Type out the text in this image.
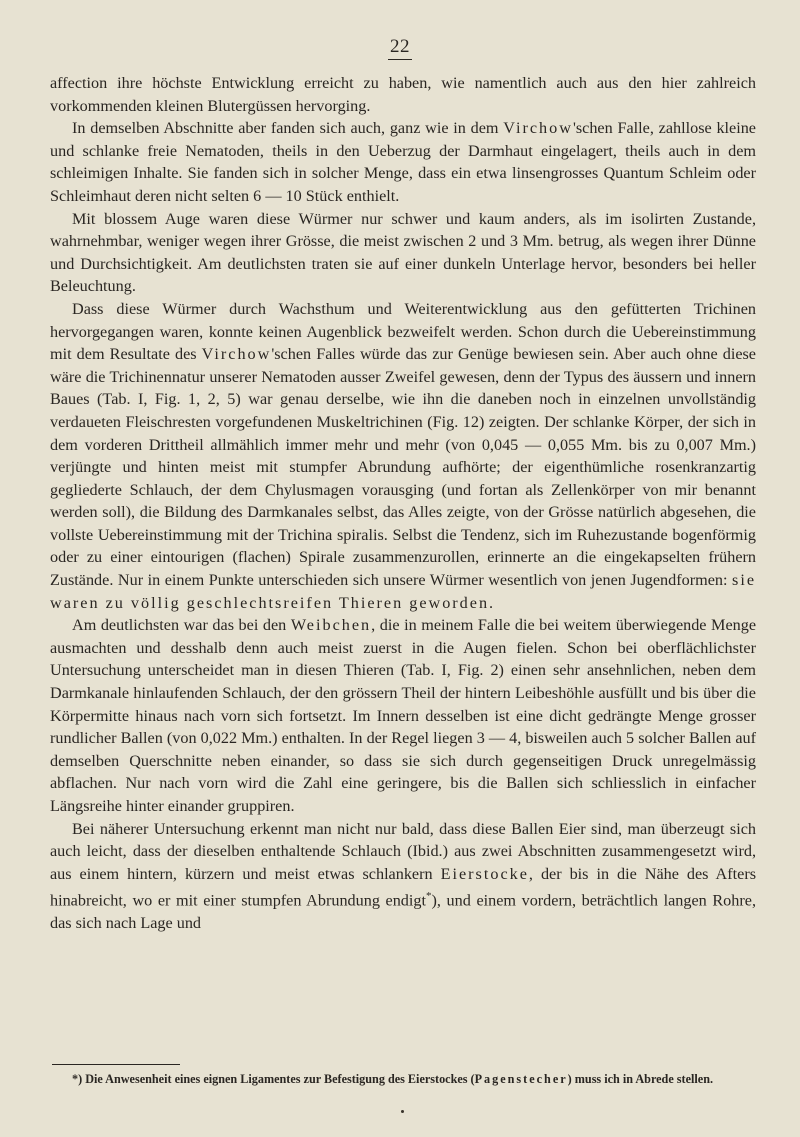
22

affection ihre höchste Entwicklung erreicht zu haben, wie namentlich auch aus den hier zahlreich vorkommenden kleinen Blutergüssen hervorging.

In demselben Abschnitte aber fanden sich auch, ganz wie in dem Virchow'schen Falle, zahllose kleine und schlanke freie Nematoden, theils in den Ueberzug der Darmhaut eingelagert, theils auch in dem schleimigen Inhalte. Sie fanden sich in solcher Menge, dass ein etwa linsengrosses Quantum Schleim oder Schleimhaut deren nicht selten 6 — 10 Stück enthielt.

Mit blossem Auge waren diese Würmer nur schwer und kaum anders, als im isolirten Zustande, wahrnehmbar, weniger wegen ihrer Grösse, die meist zwischen 2 und 3 Mm. betrug, als wegen ihrer Dünne und Durchsichtigkeit. Am deutlichsten traten sie auf einer dunkeln Unterlage hervor, besonders bei heller Beleuchtung.

Dass diese Würmer durch Wachsthum und Weiterentwicklung aus den gefütterten Trichinen hervorgegangen waren, konnte keinen Augenblick bezweifelt werden. Schon durch die Uebereinstimmung mit dem Resultate des Virchow'schen Falles würde das zur Genüge bewiesen sein. Aber auch ohne diese wäre die Trichinennatur unserer Nematoden ausser Zweifel gewesen, denn der Typus des äussern und innern Baues (Tab. I, Fig. 1, 2, 5) war genau derselbe, wie ihn die daneben noch in einzelnen unvollständig verdaueten Fleischresten vorgefundenen Muskeltrichinen (Fig. 12) zeigten. Der schlanke Körper, der sich in dem vorderen Drittheil allmählich immer mehr und mehr (von 0,045 — 0,055 Mm. bis zu 0,007 Mm.) verjüngte und hinten meist mit stumpfer Abrundung aufhörte; der eigenthümliche rosenkranzartig gegliederte Schlauch, der dem Chylusmagen vorausging (und fortan als Zellenkörper von mir benannt werden soll), die Bildung des Darmkanales selbst, das Alles zeigte, von der Grösse natürlich abgesehen, die vollste Uebereinstimmung mit der Trichina spiralis. Selbst die Tendenz, sich im Ruhezustande bogenförmig oder zu einer eintourigen (flachen) Spirale zusammenzurollen, erinnerte an die eingekapselten frühern Zustände. Nur in einem Punkte unterschieden sich unsere Würmer wesentlich von jenen Jugendformen: sie waren zu völlig geschlechtsreifen Thieren geworden.

Am deutlichsten war das bei den Weibchen, die in meinem Falle die bei weitem überwiegende Menge ausmachten und desshalb denn auch meist zuerst in die Augen fielen. Schon bei oberflächlichster Untersuchung unterscheidet man in diesen Thieren (Tab. I, Fig. 2) einen sehr ansehnlichen, neben dem Darmkanale hinlaufenden Schlauch, der den grössern Theil der hintern Leibeshöhle ausfüllt und bis über die Körpermitte hinaus nach vorn sich fortsetzt. Im Innern desselben ist eine dicht gedrängte Menge grosser rundlicher Ballen (von 0,022 Mm.) enthalten. In der Regel liegen 3 — 4, bisweilen auch 5 solcher Ballen auf demselben Querschnitte neben einander, so dass sie sich durch gegenseitigen Druck unregelmässig abflachen. Nur nach vorn wird die Zahl eine geringere, bis die Ballen sich schliesslich in einfacher Längsreihe hinter einander gruppiren.

Bei näherer Untersuchung erkennt man nicht nur bald, dass diese Ballen Eier sind, man überzeugt sich auch leicht, dass der dieselben enthaltende Schlauch (Ibid.) aus zwei Abschnitten zusammengesetzt wird, aus einem hintern, kürzern und meist etwas schlankern Eierstocke, der bis in die Nähe des Afters hinabreicht, wo er mit einer stumpfen Abrundung endigt*), und einem vordern, beträchtlich langen Rohre, das sich nach Lage und

*) Die Anwesenheit eines eignen Ligamentes zur Befestigung des Eierstockes (Pagenstecher) muss ich in Abrede stellen.
